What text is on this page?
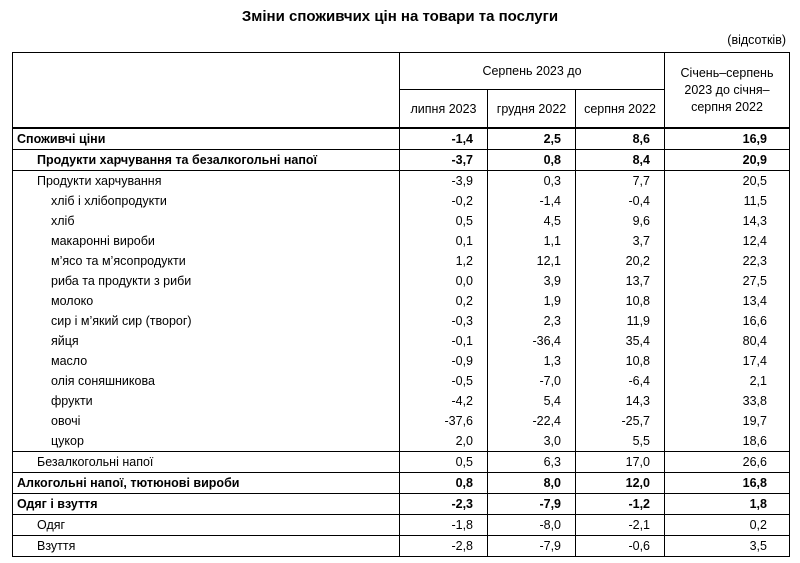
Зміни споживчих цін на товари та послуги
(відсотків)
	Серпень 2023 до			Січень–серпень 2023 до січня–серпня 2022
	липня 2023	грудня 2022	серпня 2022	
Споживчі ціни	-1,4	2,5	8,6	16,9
Продукти харчування та безалкогольні напої	-3,7	0,8	8,4	20,9
Продукти харчування	-3,9	0,3	7,7	20,5
хліб і хлібопродукти	-0,2	-1,4	-0,4	11,5
хліб	0,5	4,5	9,6	14,3
макаронні вироби	0,1	1,1	3,7	12,4
м’ясо та м’ясопродукти	1,2	12,1	20,2	22,3
риба та продукти з риби	0,0	3,9	13,7	27,5
молоко	0,2	1,9	10,8	13,4
сир і м’який сир (творог)	-0,3	2,3	11,9	16,6
яйця	-0,1	-36,4	35,4	80,4
масло	-0,9	1,3	10,8	17,4
олія соняшникова	-0,5	-7,0	-6,4	2,1
фрукти	-4,2	5,4	14,3	33,8
овочі	-37,6	-22,4	-25,7	19,7
цукор	2,0	3,0	5,5	18,6
Безалкогольні напої	0,5	6,3	17,0	26,6
Алкогольні напої, тютюнові вироби	0,8	8,0	12,0	16,8
Одяг і взуття	-2,3	-7,9	-1,2	1,8
Одяг	-1,8	-8,0	-2,1	0,2
Взуття	-2,8	-7,9	-0,6	3,5
